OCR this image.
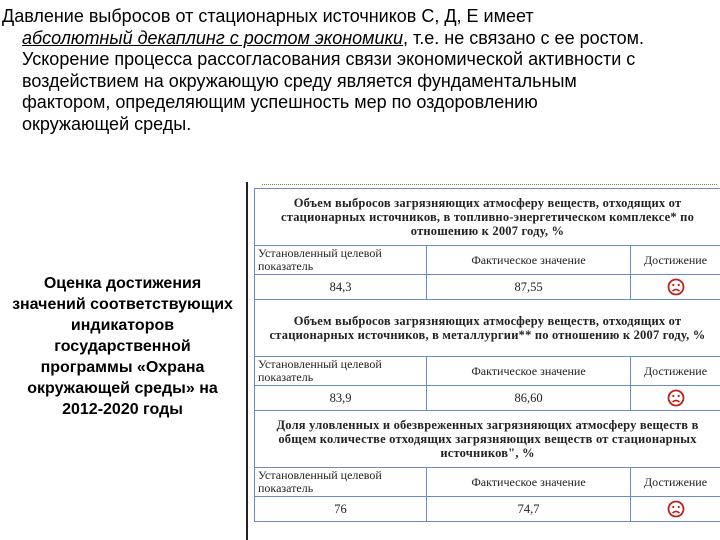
Давление выбросов от стационарных источников С, Д, Е имеет
абсолютный декаплинг с ростом экономики, т.е. не связано с ее ростом.
Ускорение процесса рассогласования связи экономической активности с
воздействием на окружающую среду является фундаментальным
фактором, определяющим успешность мер по оздоровлению
окружающей среды.

Оценка достижения значений соответствующих индикаторов государственной программы «Охрана окружающей среды» на 2012-2020 годы
Объем выбросов загрязняющих атмосферу веществ, отходящих от стационарных источников, в топливно-энергетическом комплексе* по отношению к 2007 году, %		
Установленный целевой показатель	Фактическое значение	Достижение
84,3	87,55	
Объем выбросов загрязняющих атмосферу веществ, отходящих от стационарных источников, в металлургии** по отношению к 2007 году, %		
Установленный целевой показатель	Фактическое значение	Достижение
83,9	86,60	
Доля уловленных и обезвреженных загрязняющих атмосферу веществ в общем количестве отходящих загрязняющих веществ от стационарных источников", %		
Установленный целевой показатель	Фактическое значение	Достижение
76	74,7	
